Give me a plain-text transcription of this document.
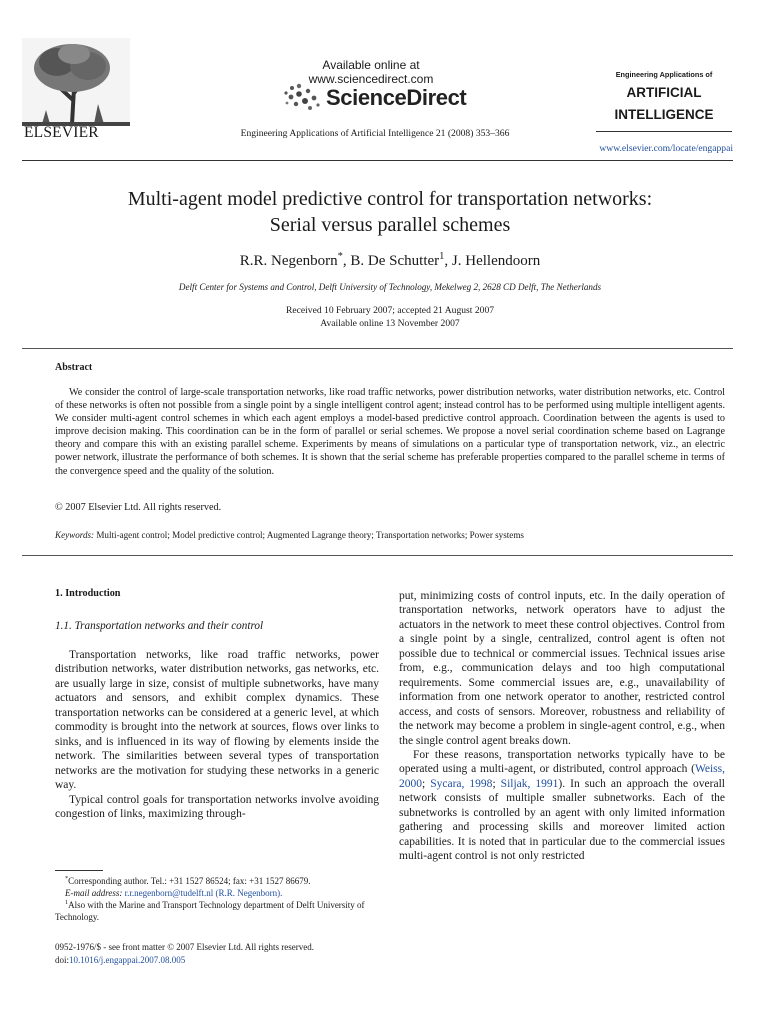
ELSEVIER
Available online at www.sciencedirect.com
ScienceDirect
Engineering Applications of Artificial Intelligence 21 (2008) 353–366
Engineering Applications of
ARTIFICIAL
INTELLIGENCE
www.elsevier.com/locate/engappai
Multi-agent model predictive control for transportation networks:
Serial versus parallel schemes
R.R. Negenborn*, B. De Schutter$^1$, J. Hellendoorn
Delft Center for Systems and Control, Delft University of Technology, Mekelweg 2, 2628 CD Delft, The Netherlands
Received 10 February 2007; accepted 21 August 2007
Available online 13 November 2007
Abstract

We consider the control of large-scale transportation networks, like road traffic networks, power distribution networks, water distribution networks, etc. Control of these networks is often not possible from a single point by a single intelligent control agent; instead control has to be performed using multiple intelligent agents. We consider multi-agent control schemes in which each agent employs a model-based predictive control approach. Coordination between the agents is used to improve decision making. This coordination can be in the form of parallel or serial schemes. We propose a novel serial coordination scheme based on Lagrange theory and compare this with an existing parallel scheme. Experiments by means of simulations on a particular type of transportation network, viz., an electric power network, illustrate the performance of both schemes. It is shown that the serial scheme has preferable properties compared to the parallel scheme in terms of the convergence speed and the quality of the solution.

© 2007 Elsevier Ltd. All rights reserved.
Keywords: Multi-agent control; Model predictive control; Augmented Lagrange theory; Transportation networks; Power systems
1. Introduction
1.1. Transportation networks and their control

Transportation networks, like road traffic networks, power distribution networks, water distribution networks, gas networks, etc. are usually large in size, consist of multiple subnetworks, have many actuators and sensors, and exhibit complex dynamics. These transportation networks can be considered at a generic level, at which commodity is brought into the network at sources, flows over links to sinks, and is influenced in its way of flowing by elements inside the network. The similarities between several types of transportation networks are the motivation for studying these networks in a generic way.

Typical control goals for transportation networks involve avoiding congestion of links, maximizing through-

*Corresponding author. Tel.: +31 1527 86524; fax: +31 1527 86679.
E-mail address: r.r.negenborn@tudelft.nl (R.R. Negenborn).
$^1$Also with the Marine and Transport Technology department of Delft University of Technology.
0952-1976/$ - see front matter © 2007 Elsevier Ltd. All rights reserved.
doi:10.1016/j.engappai.2007.08.005

put, minimizing costs of control inputs, etc. In the daily operation of transportation networks, network operators have to adjust the actuators in the network to meet these control objectives. Control from a single point by a single, centralized, control agent is often not possible due to technical or commercial issues. Technical issues arise from, e.g., communication delays and too high computational requirements. Some commercial issues are, e.g., unavailability of information from one network operator to another, restricted control access, and costs of sensors. Moreover, robustness and reliability of the network may become a problem in single-agent control, e.g., when the single control agent breaks down.

For these reasons, transportation networks typically have to be operated using a multi-agent, or distributed, control approach (Weiss, 2000; Sycara, 1998; Siljak, 1991). In such an approach the overall network consists of multiple smaller subnetworks. Each of the subnetworks is controlled by an agent with only limited information gathering and processing skills and moreover limited action capabilities. It is noted that in particular due to the commercial issues multi-agent control is not only restricted
